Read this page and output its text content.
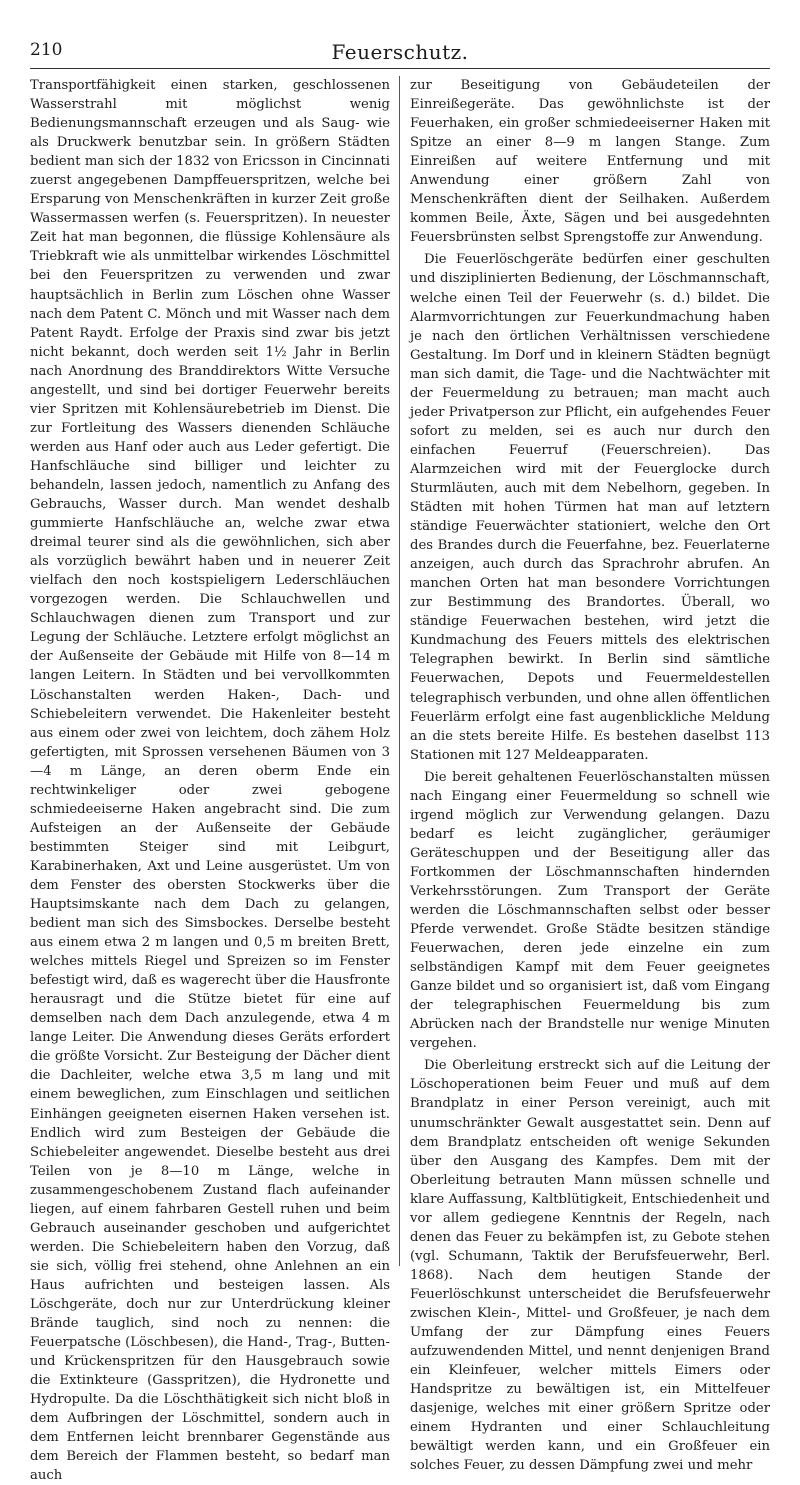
210	Feuerschutz.

Transportfähigkeit einen starken, geschlossenen Wasserstrahl mit möglichst wenig Bedienungsmannschaft erzeugen und als Saug- wie als Druckwerk benutzbar sein. In größern Städten bedient man sich der 1832 von Ericsson in Cincinnati zuerst angegebenen Dampffeuerspritzen, welche bei Ersparung von Menschenkräften in kurzer Zeit große Wassermassen werfen (s. Feuerspritzen). In neuester Zeit hat man begonnen, die flüssige Kohlensäure als Triebkraft wie als unmittelbar wirkendes Löschmittel bei den Feuerspritzen zu verwenden und zwar hauptsächlich in Berlin zum Löschen ohne Wasser nach dem Patent C. Mönch und mit Wasser nach dem Patent Raydt. Erfolge der Praxis sind zwar bis jetzt nicht bekannt, doch werden seit 1½ Jahr in Berlin nach Anordnung des Branddirektors Witte Versuche angestellt, und sind bei dortiger Feuerwehr bereits vier Spritzen mit Kohlensäurebetrieb im Dienst. Die zur Fortleitung des Wassers dienenden Schläuche werden aus Hanf oder auch aus Leder gefertigt. Die Hanfschläuche sind billiger und leichter zu behandeln, lassen jedoch, namentlich zu Anfang des Gebrauchs, Wasser durch. Man wendet deshalb gummierte Hanfschläuche an, welche zwar etwa dreimal teurer sind als die gewöhnlichen, sich aber als vorzüglich bewährt haben und in neuerer Zeit vielfach den noch kostspieligern Lederschläuchen vorgezogen werden. Die Schlauchwellen und Schlauchwagen dienen zum Transport und zur Legung der Schläuche. Letztere erfolgt möglichst an der Außenseite der Gebäude mit Hilfe von 8—14 m langen Leitern. In Städten und bei vervollkommten Löschanstalten werden Haken-, Dach- und Schiebeleitern verwendet. Die Hakenleiter besteht aus einem oder zwei von leichtem, doch zähem Holz gefertigten, mit Sprossen versehenen Bäumen von 3—4 m Länge, an deren oberm Ende ein rechtwinkeliger oder zwei gebogene schmiedeeiserne Haken angebracht sind. Die zum Aufsteigen an der Außenseite der Gebäude bestimmten Steiger sind mit Leibgurt, Karabinerhaken, Axt und Leine ausgerüstet. Um von dem Fenster des obersten Stockwerks über die Hauptsimskante nach dem Dach zu gelangen, bedient man sich des Simsbockes. Derselbe besteht aus einem etwa 2 m langen und 0,5 m breiten Brett, welches mittels Riegel und Spreizen so im Fenster befestigt wird, daß es wagerecht über die Hausfronte herausragt und die Stütze bietet für eine auf demselben nach dem Dach anzulegende, etwa 4 m lange Leiter. Die Anwendung dieses Geräts erfordert die größte Vorsicht. Zur Besteigung der Dächer dient die Dachleiter, welche etwa 3,5 m lang und mit einem beweglichen, zum Einschlagen und seitlichen Einhängen geeigneten eisernen Haken versehen ist. Endlich wird zum Besteigen der Gebäude die Schiebeleiter angewendet. Dieselbe besteht aus drei Teilen von je 8—10 m Länge, welche in zusammengeschobenem Zustand flach aufeinander liegen, auf einem fahrbaren Gestell ruhen und beim Gebrauch auseinander geschoben und aufgerichtet werden. Die Schiebeleitern haben den Vorzug, daß sie sich, völlig frei stehend, ohne Anlehnen an ein Haus aufrichten und besteigen lassen. Als Löschgeräte, doch nur zur Unterdrückung kleiner Brände tauglich, sind noch zu nennen: die Feuerpatsche (Löschbesen), die Hand-, Trag-, Butten- und Krückenspritzen für den Hausgebrauch sowie die Extinkteure (Gasspritzen), die Hydronette und Hydropulte. Da die Löschthätigkeit sich nicht bloß in dem Aufbringen der Löschmittel, sondern auch in dem Entfernen leicht brennbarer Gegenstände aus dem Bereich der Flammen besteht, so bedarf man auch

zur Beseitigung von Gebäudeteilen der Einreißegeräte. Das gewöhnlichste ist der Feuerhaken, ein großer schmiedeeiserner Haken mit Spitze an einer 8—9 m langen Stange. Zum Einreißen auf weitere Entfernung und mit Anwendung einer größern Zahl von Menschenkräften dient der Seilhaken. Außerdem kommen Beile, Äxte, Sägen und bei ausgedehnten Feuersbrünsten selbst Sprengstoffe zur Anwendung.

Die Feuerlöschgeräte bedürfen einer geschulten und disziplinierten Bedienung, der Löschmannschaft, welche einen Teil der Feuerwehr (s. d.) bildet. Die Alarmvorrichtungen zur Feuerkundmachung haben je nach den örtlichen Verhältnissen verschiedene Gestaltung. Im Dorf und in kleinern Städten begnügt man sich damit, die Tage- und die Nachtwächter mit der Feuermeldung zu betrauen; man macht auch jeder Privatperson zur Pflicht, ein aufgehendes Feuer sofort zu melden, sei es auch nur durch den einfachen Feuerruf (Feuerschreien). Das Alarmzeichen wird mit der Feuerglocke durch Sturmläuten, auch mit dem Nebelhorn, gegeben. In Städten mit hohen Türmen hat man auf letztern ständige Feuerwächter stationiert, welche den Ort des Brandes durch die Feuerfahne, bez. Feuerlaterne anzeigen, auch durch das Sprachrohr abrufen. An manchen Orten hat man besondere Vorrichtungen zur Bestimmung des Brandortes. Überall, wo ständige Feuerwachen bestehen, wird jetzt die Kundmachung des Feuers mittels des elektrischen Telegraphen bewirkt. In Berlin sind sämtliche Feuerwachen, Depots und Feuermeldestellen telegraphisch verbunden, und ohne allen öffentlichen Feuerlärm erfolgt eine fast augenblickliche Meldung an die stets bereite Hilfe. Es bestehen daselbst 113 Stationen mit 127 Meldeapparaten.

Die bereit gehaltenen Feuerlöschanstalten müssen nach Eingang einer Feuermeldung so schnell wie irgend möglich zur Verwendung gelangen. Dazu bedarf es leicht zugänglicher, geräumiger Geräteschuppen und der Beseitigung aller das Fortkommen der Löschmannschaften hindernden Verkehrsstörungen. Zum Transport der Geräte werden die Löschmannschaften selbst oder besser Pferde verwendet. Große Städte besitzen ständige Feuerwachen, deren jede einzelne ein zum selbständigen Kampf mit dem Feuer geeignetes Ganze bildet und so organisiert ist, daß vom Eingang der telegraphischen Feuermeldung bis zum Abrücken nach der Brandstelle nur wenige Minuten vergehen.

Die Oberleitung erstreckt sich auf die Leitung der Löschoperationen beim Feuer und muß auf dem Brandplatz in einer Person vereinigt, auch mit unumschränkter Gewalt ausgestattet sein. Denn auf dem Brandplatz entscheiden oft wenige Sekunden über den Ausgang des Kampfes. Dem mit der Oberleitung betrauten Mann müssen schnelle und klare Auffassung, Kaltblütigkeit, Entschiedenheit und vor allem gediegene Kenntnis der Regeln, nach denen das Feuer zu bekämpfen ist, zu Gebote stehen (vgl. Schumann, Taktik der Berufsfeuerwehr, Berl. 1868). Nach dem heutigen Stande der Feuerlöschkunst unterscheidet die Berufsfeuerwehr zwischen Klein-, Mittel- und Großfeuer, je nach dem Umfang der zur Dämpfung eines Feuers aufzuwendenden Mittel, und nennt denjenigen Brand ein Kleinfeuer, welcher mittels Eimers oder Handspritze zu bewältigen ist, ein Mittelfeuer dasjenige, welches mit einer größern Spritze oder einem Hydranten und einer Schlauchleitung bewältigt werden kann, und ein Großfeuer ein solches Feuer, zu dessen Dämpfung zwei und mehr
